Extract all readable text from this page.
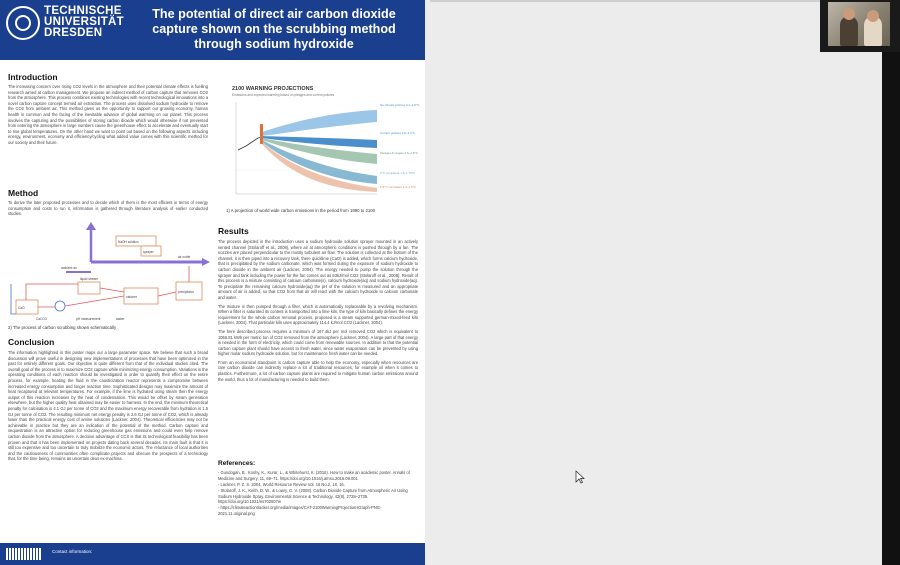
TECHNISCHE
UNIVERSITÄT
DRESDEN
The potential of direct air carbon dioxide capture shown on the scrubbing method through sodium hydroxide
Introduction
The increasing concern over rising CO2 levels in the atmosphere and their potential climate effects is fuelling research aimed at carbon management. We propose an indirect method of carbon capture that removes CO2 from the atmosphere. This process combines existing technologies with recent technological innovations into a novel carbon capture concept termed air extraction. The process uses dissolved sodium hydroxide to remove the CO2 from ambient air. This method gives us the opportunity to support our growing economy, human health in common and the facing of the inevitable advance of global warming on our planet. This process involves the capturing and the possibilities of storing carbon dioxide which would otherwise if not prevented from entering the atmosphere in large numbers cause the greenhouse effect to accelerate and eventually start to rise global temperatures. On the other hand we want to point out based on the following aspects including energy, environment, economy and efficiency/cycling what added value comes with this scientific method for our society and their future.
Method
To derive the later proposed processes and to decide which of them is the most efficient in terms of energy consumption and costs to run it, information is gathered through literature analysis of earlier conducted studies.
NaOH solution
sprayer
air outlet
ambient air
liquid stream
CaCO3
calciner
CaO
pH measurement
precipitator
slaker
2) The process of carbon scrubbing shown schematically
Conclusion
The information highlighted in this poster maps our a large parameter space. We believe that such a broad discussion will prove useful in designing new implementations of processes that have been optimized in the past for entirely different goals. Our objective is quite different from that of the individual studies cited. The overall goal of the process is to maximize CO2 capture while minimizing energy consumption. Variations in the operating conditions of each reaction should be investigated in order to quantify their effect on the entire process, for example, heating the fluid in the causticization reactor represents a compromise between increased energy consumption and longer reaction time. Sophisticated designs may maximize the amount of heat recaptured at relevant temperatures. For example, if the lime is hydrated using steam then the energy output of this reaction increases by the heat of condensation. This would be offset by steam generation elsewhere, but the higher quality heat obtained may be easier to harness. In the end, the minimum theoretical penalty for calcination is 4.1 GJ per tonne of CO2 and the maximum energy recoverable from hydration is 1.5 GJ per tonne of CO2. The resulting minimum net energy penalty is 2.6 GJ per tonne of CO2, which is already lower than the practical energy cost of amine solutions (Lackner, 2004). Theoretical efficiencies may not be achievable in practice but they are an indication of the potential of the method. Carbon capture and sequestration is an attractive option for reducing greenhouse gas emissions and could even help remove carbon dioxide from the atmosphere. A decisive advantage of CCS is that its technological feasibility has been proven and that it has been implemented on projects dating back several decades. Its main fault is that it is still too expensive and too uncertain to truly mobilize the economic actors. The reluctance of local authorities and the cautiousness of communities often complicate projects and obscure the prospects of a technology that, for the time being, remains an uncertain deus ex-machina.
2100 WARNING PROJECTIONS
Emissions and expected warming based on pledges and current policies
No climate policies 4.1–4.8°C
Current policies 2.8–3.2°C
Pledges & targets 2.5–2.8°C
2°C consistent 1.5–1.75°C
1.5°C consistent 1.3–1.5°C
1) A projection of world wide carbon emissions in the period from 1990 to 2100
Results
The process depicted in the introduction uses a sodium hydroxide solution sprayer mounted in an actively vented channel (Stolaroff et al., 2008), where air at atmospheric conditions is pushed through by a fan. The nozzles are placed perpendicular to the mostly turbulent air flow. The solution is collected at the bottom of the channel, it is then piped into a recovery tank, there quicklime (CaO) is added, which forms calcium hydroxide, that is precipitated by the sodium carbonate, which was formed during the exposure of sodium hydroxide to carbon dioxide in the ambient air (Lackner, 2004). The energy needed to pump the solution through the sprayer and tank including the power for the fan comes out as 53kJ/mol CO2 (Stolaroff et al., 2008). Result of this process is a mixture consisting of calcium carbonate(s), calcium hydroxide(aq) and sodium hydroxide(aq). To precipitate the remaining calcium hydroxide(aq) the pH of the solution is measured and an appropriate amount of air is added, so that CO2 from that air will react with the calcium hydroxide to calcium carbonate and water.
The mixture is then pumped through a filter, which is automatically replaceable by a revolving mechanism. When a filter is saturated its content is transported into a lime kiln, the type of kiln basically defines the energy requirement for the whole carbon removal process, proposed is a steam supported german-mixed-feed kiln (Lackner, 2004). That particular kiln uses approximately 114.4 kJ/mol CO2 (Lackner, 2004).
The here described process requires a minimum of 167.4kJ per mol removed CO2 which is equivalent to 1056.81 kWh per metric ton of CO2 removed from the atmosphere (Lackner, 2004). A large part of that energy is needed in the form of electricity, which could come from renewable sources. In addition to that the potential carbon capture plant should have access to fresh water, since water evaporation can be prevented by using higher molar sodium hydroxide solution, but for maintenance fresh water can be needed.
From an economical standpoint is carbon capture able to help the economy, especially when resources are rare carbon dioxide can indirectly replace a lot of traditional resources, for example oil when it comes to plastics. Furthermore, a lot of carbon capture plants are required to mitigate human carbon emissions around the world, thus a lot of manufacturing is needed to build them.
References:
- Gundogan, B., Koshy, K., Kurar, L., & Whitehurst, K. (2016). How to make an academic poster. Annals of Medicine and Surgery, 11, 69–71. https://doi.org/10.1016/j.amsu.2016.09.001
- Lackner, P. Z. S. 2004. World Resource Review Vol. 16 No.2, 18, 16.
- Stolaroff, J. K., Keith, D. W., & Lowry, G. V. (2008). Carbon Dioxide Capture from Atmospheric Air Using Sodium Hydroxide Spray. Environmental Science & Technology, 42(8), 2728–2735. https://doi.org/10.1021/es702607w
- https://climateactiontracker.org/media/images/CAT-2100WarmingProjectionsGraph-PNG-2021.11.original.png
Contact information:
